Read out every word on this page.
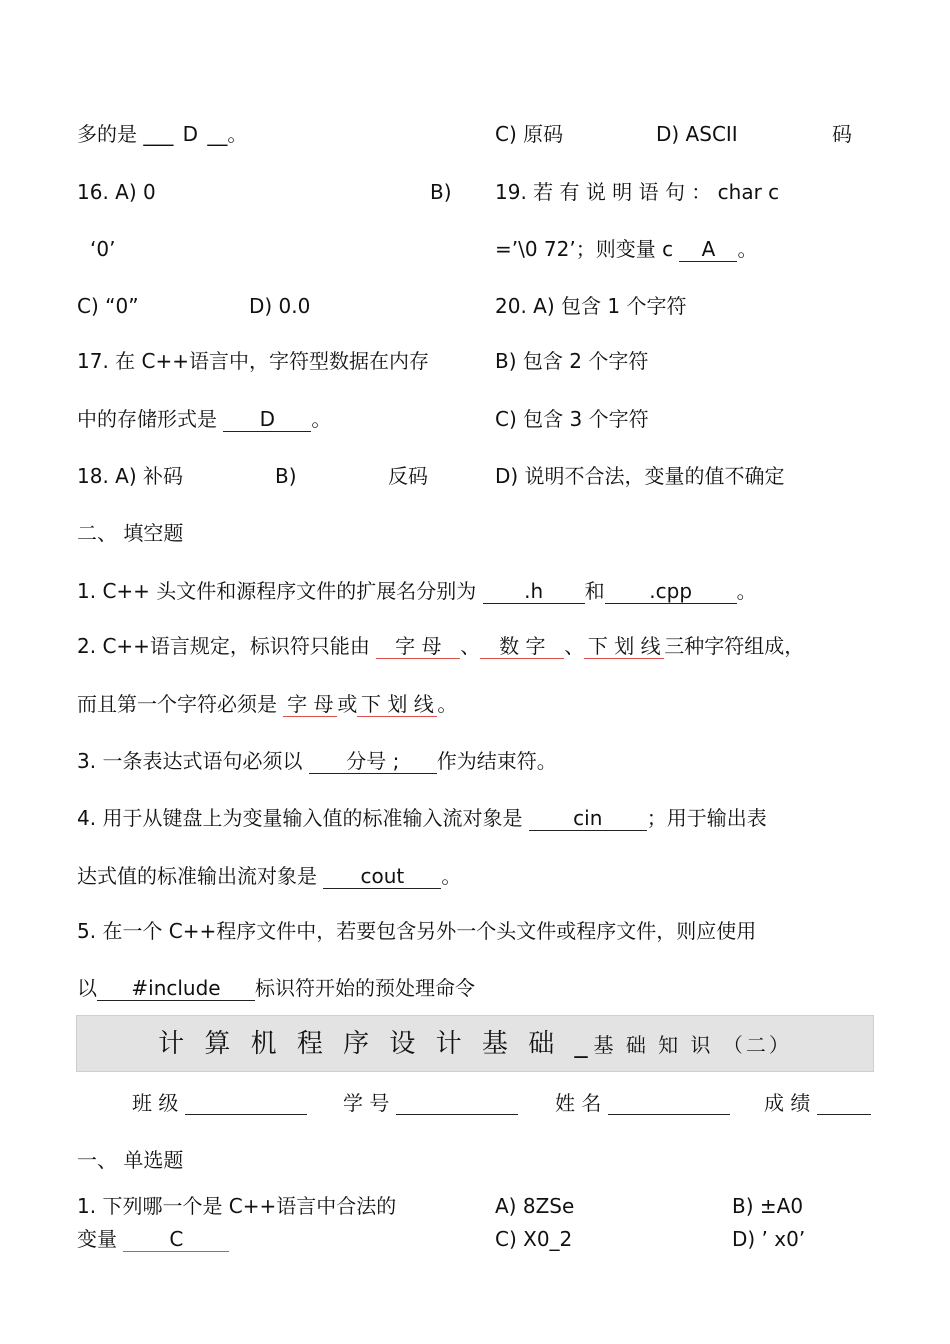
多的是 ___ D __。
16. A) 0	B)
‘0’
C) “0”	D) 0.0
17. 在 C++语言中，字符型数据在内存
中的存储形式是 D 。
18. A) 补码	B)	反码
C) 原码	D) ASCII	码
19. 若 有 说 明 语 句 ： char c
=’\0 72’；则变量 c A 。
20. A) 包含 1 个字符
B) 包含 2 个字符
C) 包含 3 个字符
D) 说明不合法，变量的值不确定
二、 填空题
1. C++ 头文件和源程序文件的扩展名分别为 .h 和 .cpp 。
2. C++语言规定，标识符只能由 字 母 、 数 字 、 下 划 线 三种字符组成，
而且第一个字符必须是 字 母 或 下 划 线 。
3. 一条表达式语句必须以 分号 ; 作为结束符。
4. 用于从键盘上为变量输入值的标准输入流对象是 cin ；用于输出表
达式值的标准输出流对象是 cout 。
5. 在一个 C++程序文件中，若要包含另外一个头文件或程序文件，则应使用
以 #include 标识符开始的预处理命令
计 算 机 程 序 设 计 基 础 _基 础 知 识 （二）
班 级	学 号	姓 名	成 绩
一、 单选题
1. 下列哪一个是 C++语言中合法的
变量 C
A) 8ZSe	B) ±A0
C) X0_2	D) ’ x0’
